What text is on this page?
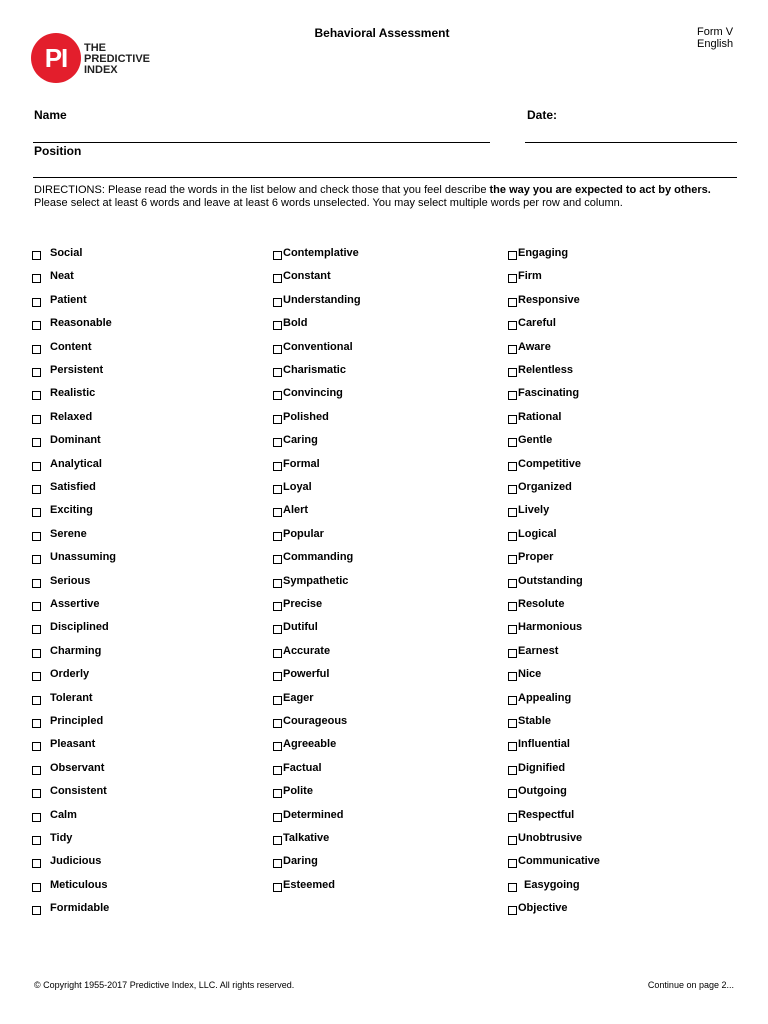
PI	THE
PREDICTIVE
INDEX
Behavioral Assessment	Form V English
Name	Date:
Position
DIRECTIONS: Please read the words in the list below and check those that you feel describe the way you are expected to act by others.
Please select at least 6 words and leave at least 6 words unselected. You may select multiple words per row and column.
Social
Neat
Patient
Reasonable
Content
Persistent
Realistic
Relaxed
Dominant
Analytical
Satisfied
Exciting
Serene
Unassuming
Serious
Assertive
Disciplined
Charming
Orderly
Tolerant
Principled
Pleasant
Observant
Consistent
Calm
Tidy
Judicious
Meticulous
Formidable
Contemplative
Constant
Understanding
Bold
Conventional
Charismatic
Convincing
Polished
Caring
Formal
Loyal
Alert
Popular
Commanding
Sympathetic
Precise
Dutiful
Accurate
Powerful
Eager
Courageous
Agreeable
Factual
Polite
Determined
Talkative
Daring
Esteemed
Engaging
Firm
Responsive
Careful
Aware
Relentless
Fascinating
Rational
Gentle
Competitive
Organized
Lively
Logical
Proper
Outstanding
Resolute
Harmonious
Earnest
Nice
Appealing
Stable
Influential
Dignified
Outgoing
Respectful
Unobtrusive
Communicative
Easygoing
Objective
© Copyright 1955-2017 Predictive Index, LLC. All rights reserved.	Continue on page 2...
